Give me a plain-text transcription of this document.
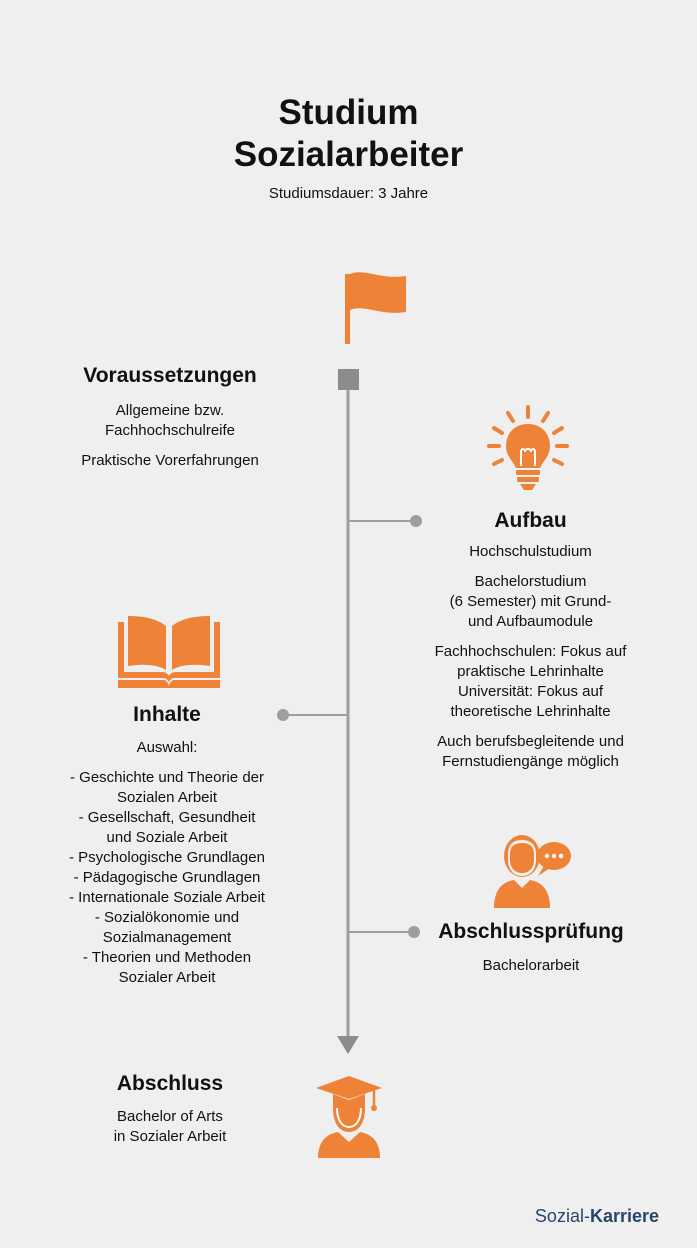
Studium
Sozialarbeiter
Studiumsdauer: 3 Jahre
Voraussetzungen

Allgemeine bzw.

Fachhochschulreife

Praktische Vorerfahrungen

Aufbau

Hochschulstudium

Bachelorstudium

(6 Semester) mit Grund-

und Aufbaumodule

Fachhochschulen: Fokus auf

praktische Lehrinhalte

Universität: Fokus auf

theoretische Lehrinhalte

Auch berufsbegleitende und

Fernstudiengänge möglich

Inhalte

Auswahl:

- Geschichte und Theorie der

Sozialen Arbeit

- Gesellschaft, Gesundheit

und Soziale Arbeit

- Psychologische Grundlagen

- Pädagogische Grundlagen

- Internationale Soziale Arbeit

- Sozialökonomie und

Sozialmanagement

- Theorien und Methoden

Sozialer Arbeit

Abschlussprüfung

Bachelorarbeit

Abschluss

Bachelor of Arts

in Sozialer Arbeit

Sozial-Karriere
